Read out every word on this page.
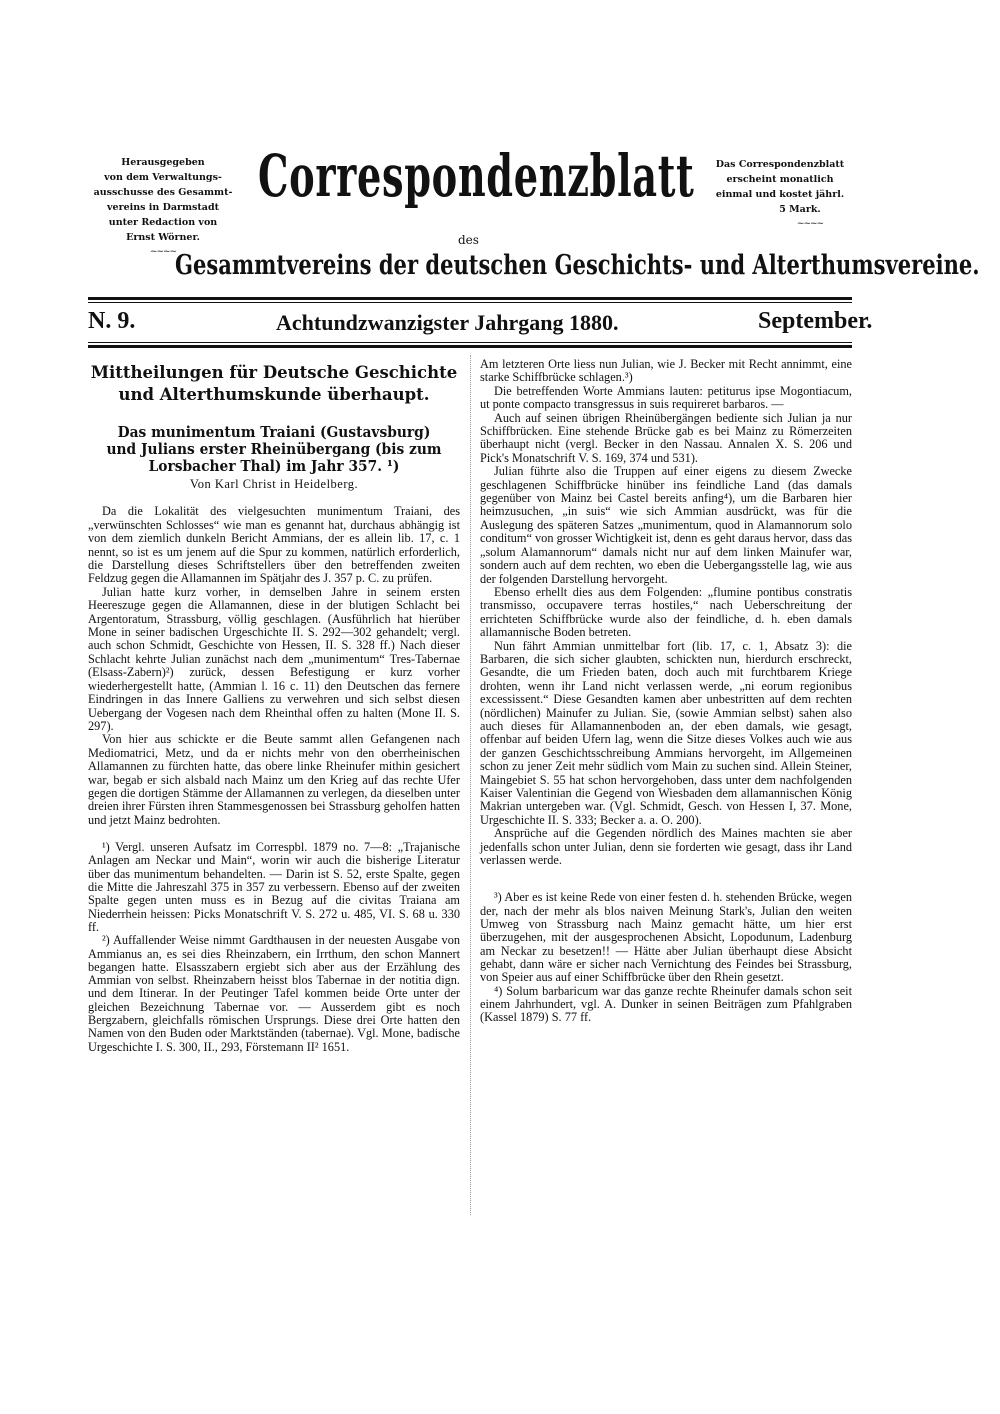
Herausgegeben
von dem Verwaltungs-
ausschusse des Gesammt-
vereins in Darmstadt
unter Redaction von
Ernst Wörner.
~~~~
Correspondenzblatt
des
Gesammtvereins der deutschen Geschichts- und Alterthumsvereine.
Das Correspondenzblatt
erscheint monatlich
einmal und kostet jährl.
5 Mark.
~~~~
N. 9.	Achtundzwanzigster Jahrgang 1880.	September.
Mittheilungen für Deutsche Geschichte und Alterthumskunde überhaupt.
Das munimentum Traiani (Gustavsburg) und Julians erster Rheinübergang (bis zum Lorsbacher Thal) im Jahr 357. ¹)
Von Karl Christ in Heidelberg.

Da die Lokalität des vielgesuchten munimentum Traiani, des „verwünschten Schlosses“ wie man es genannt hat, durchaus abhängig ist von dem ziemlich dunkeln Bericht Ammians, der es allein lib. 17, c. 1 nennt, so ist es um jenem auf die Spur zu kommen, natürlich erforderlich, die Darstellung dieses Schriftstellers über den betreffenden zweiten Feldzug gegen die Allamannen im Spätjahr des J. 357 p. C. zu prüfen.

Julian hatte kurz vorher, in demselben Jahre in seinem ersten Heereszuge gegen die Allamannen, diese in der blutigen Schlacht bei Argentoratum, Strassburg, völlig geschlagen. (Ausführlich hat hierüber Mone in seiner badischen Urgeschichte II. S. 292—302 gehandelt; vergl. auch schon Schmidt, Geschichte von Hessen, II. S. 328 ff.) Nach dieser Schlacht kehrte Julian zunächst nach dem „munimentum“ Tres-Tabernae (Elsass-Zabern)²) zurück, dessen Befestigung er kurz vorher wiederhergestellt hatte, (Ammian l. 16 c. 11) den Deutschen das fernere Eindringen in das Innere Galliens zu verwehren und sich selbst diesen Uebergang der Vogesen nach dem Rheinthal offen zu halten (Mone II. S. 297).

Von hier aus schickte er die Beute sammt allen Gefangenen nach Mediomatrici, Metz, und da er nichts mehr von den oberrheinischen Allamannen zu fürchten hatte, das obere linke Rheinufer mithin gesichert war, begab er sich alsbald nach Mainz um den Krieg auf das rechte Ufer gegen die dortigen Stämme der Allamannen zu verlegen, da dieselben unter dreien ihrer Fürsten ihren Stammesgenossen bei Strassburg geholfen hatten und jetzt Mainz bedrohten.

¹) Vergl. unseren Aufsatz im Correspbl. 1879 no. 7—8: „Trajanische Anlagen am Neckar und Main“, worin wir auch die bisherige Literatur über das munimentum behandelten. — Darin ist S. 52, erste Spalte, gegen die Mitte die Jahreszahl 375 in 357 zu verbessern. Ebenso auf der zweiten Spalte gegen unten muss es in Bezug auf die civitas Traiana am Niederrhein heissen: Picks Monatschrift V. S. 272 u. 485, VI. S. 68 u. 330 ff.

²) Auffallender Weise nimmt Gardthausen in der neuesten Ausgabe von Ammianus an, es sei dies Rheinzabern, ein Irrthum, den schon Mannert begangen hatte. Elsasszabern ergiebt sich aber aus der Erzählung des Ammian von selbst. Rheinzabern heisst blos Tabernae in der notitia dign. und dem Itinerar. In der Peutinger Tafel kommen beide Orte unter der gleichen Bezeichnung Tabernae vor. — Ausserdem gibt es noch Bergzabern, gleichfalls römischen Ursprungs. Diese drei Orte hatten den Namen von den Buden oder Marktständen (tabernae). Vgl. Mone, badische Urgeschichte I. S. 300, II., 293, Förstemann II² 1651.

Am letzteren Orte liess nun Julian, wie J. Becker mit Recht annimmt, eine starke Schiffbrücke schlagen.³)

Die betreffenden Worte Ammians lauten: petiturus ipse Mogontiacum, ut ponte compacto transgressus in suis requireret barbaros. —

Auch auf seinen übrigen Rheinübergängen bediente sich Julian ja nur Schiffbrücken. Eine stehende Brücke gab es bei Mainz zu Römerzeiten überhaupt nicht (vergl. Becker in den Nassau. Annalen X. S. 206 und Pick's Monatschrift V. S. 169, 374 und 531).

Julian führte also die Truppen auf einer eigens zu diesem Zwecke geschlagenen Schiffbrücke hinüber ins feindliche Land (das damals gegenüber von Mainz bei Castel bereits anfing⁴), um die Barbaren hier heimzusuchen, „in suis“ wie sich Ammian ausdrückt, was für die Auslegung des späteren Satzes „munimentum, quod in Alamannorum solo conditum“ von grosser Wichtigkeit ist, denn es geht daraus hervor, dass das „solum Alamannorum“ damals nicht nur auf dem linken Mainufer war, sondern auch auf dem rechten, wo eben die Uebergangsstelle lag, wie aus der folgenden Darstellung hervorgeht.

Ebenso erhellt dies aus dem Folgenden: „flumine pontibus constratis transmisso, occupavere terras hostiles,“ nach Ueberschreitung der errichteten Schiffbrücke wurde also der feindliche, d. h. eben damals allamannische Boden betreten.

Nun fährt Ammian unmittelbar fort (lib. 17, c. 1, Absatz 3): die Barbaren, die sich sicher glaubten, schickten nun, hierdurch erschreckt, Gesandte, die um Frieden baten, doch auch mit furchtbarem Kriege drohten, wenn ihr Land nicht verlassen werde, „ni eorum regionibus excessissent.“ Diese Gesandten kamen aber unbestritten auf dem rechten (nördlichen) Mainufer zu Julian. Sie, (sowie Ammian selbst) sahen also auch dieses für Allamannenboden an, der eben damals, wie gesagt, offenbar auf beiden Ufern lag, wenn die Sitze dieses Volkes auch wie aus der ganzen Geschichtsschreibung Ammians hervorgeht, im Allgemeinen schon zu jener Zeit mehr südlich vom Main zu suchen sind. Allein Steiner, Maingebiet S. 55 hat schon hervorgehoben, dass unter dem nachfolgenden Kaiser Valentinian die Gegend von Wiesbaden dem allamannischen König Makrian untergeben war. (Vgl. Schmidt, Gesch. von Hessen I, 37. Mone, Urgeschichte II. S. 333; Becker a. a. O. 200).

Ansprüche auf die Gegenden nördlich des Maines machten sie aber jedenfalls schon unter Julian, denn sie forderten wie gesagt, dass ihr Land verlassen werde.

³) Aber es ist keine Rede von einer festen d. h. stehenden Brücke, wegen der, nach der mehr als blos naiven Meinung Stark's, Julian den weiten Umweg von Strassburg nach Mainz gemacht hätte, um hier erst überzugehen, mit der ausgesprochenen Absicht, Lopodunum, Ladenburg am Neckar zu besetzen!! — Hätte aber Julian überhaupt diese Absicht gehabt, dann wäre er sicher nach Vernichtung des Feindes bei Strassburg, von Speier aus auf einer Schiffbrücke über den Rhein gesetzt.

⁴) Solum barbaricum war das ganze rechte Rheinufer damals schon seit einem Jahrhundert, vgl. A. Dunker in seinen Beiträgen zum Pfahlgraben (Kassel 1879) S. 77 ff.
